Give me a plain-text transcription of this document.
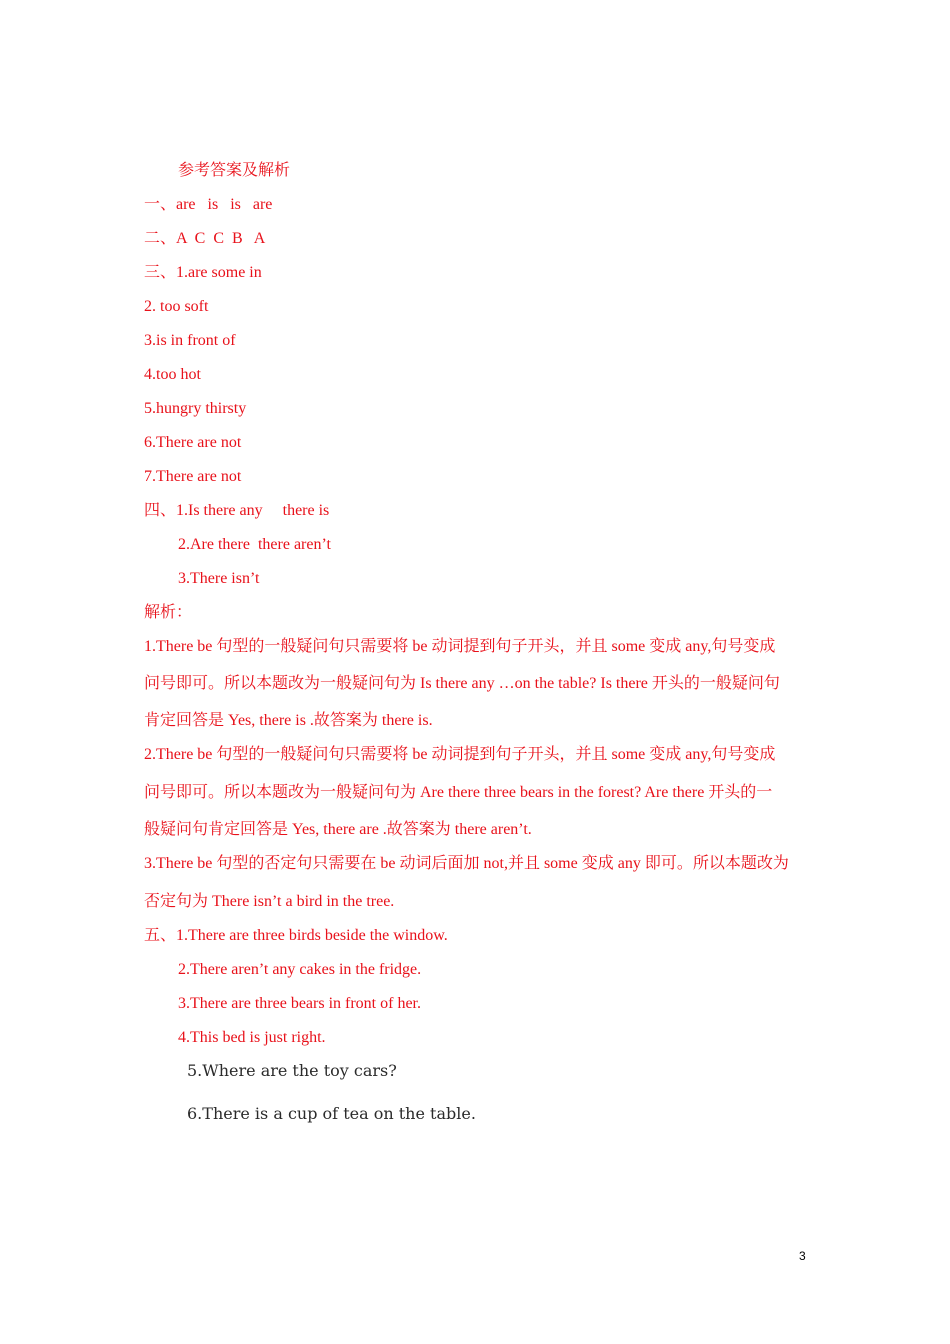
参考答案及解析
一、are   is   is   are
二、A  C  C  B   A
三、1.are some in
2. too soft
3.is in front of
4.too hot
5.hungry thirsty
6.There are not
7.There are not
四、1.Is there any     there is
2.Are there  there aren’t
3.There isn’t
解析：
1.There be 句型的一般疑问句只需要将 be 动词提到句子开头，并且 some 变成 any,句号变成
问号即可。所以本题改为一般疑问句为 Is there any …on the table? Is there 开头的一般疑问句
肯定回答是 Yes, there is .故答案为 there is.
2.There be 句型的一般疑问句只需要将 be 动词提到句子开头，并且 some 变成 any,句号变成
问号即可。所以本题改为一般疑问句为 Are there three bears in the forest? Are there 开头的一
般疑问句肯定回答是 Yes, there are .故答案为 there aren’t.
3.There be 句型的否定句只需要在 be 动词后面加 not,并且 some 变成 any 即可。所以本题改为
否定句为 There isn’t a bird in the tree.
五、1.There are three birds beside the window.
2.There aren’t any cakes in the fridge.
3.There are three bears in front of her.
4.This bed is just right.
5.Where are the toy cars?
6.There is a cup of tea on the table.
3
